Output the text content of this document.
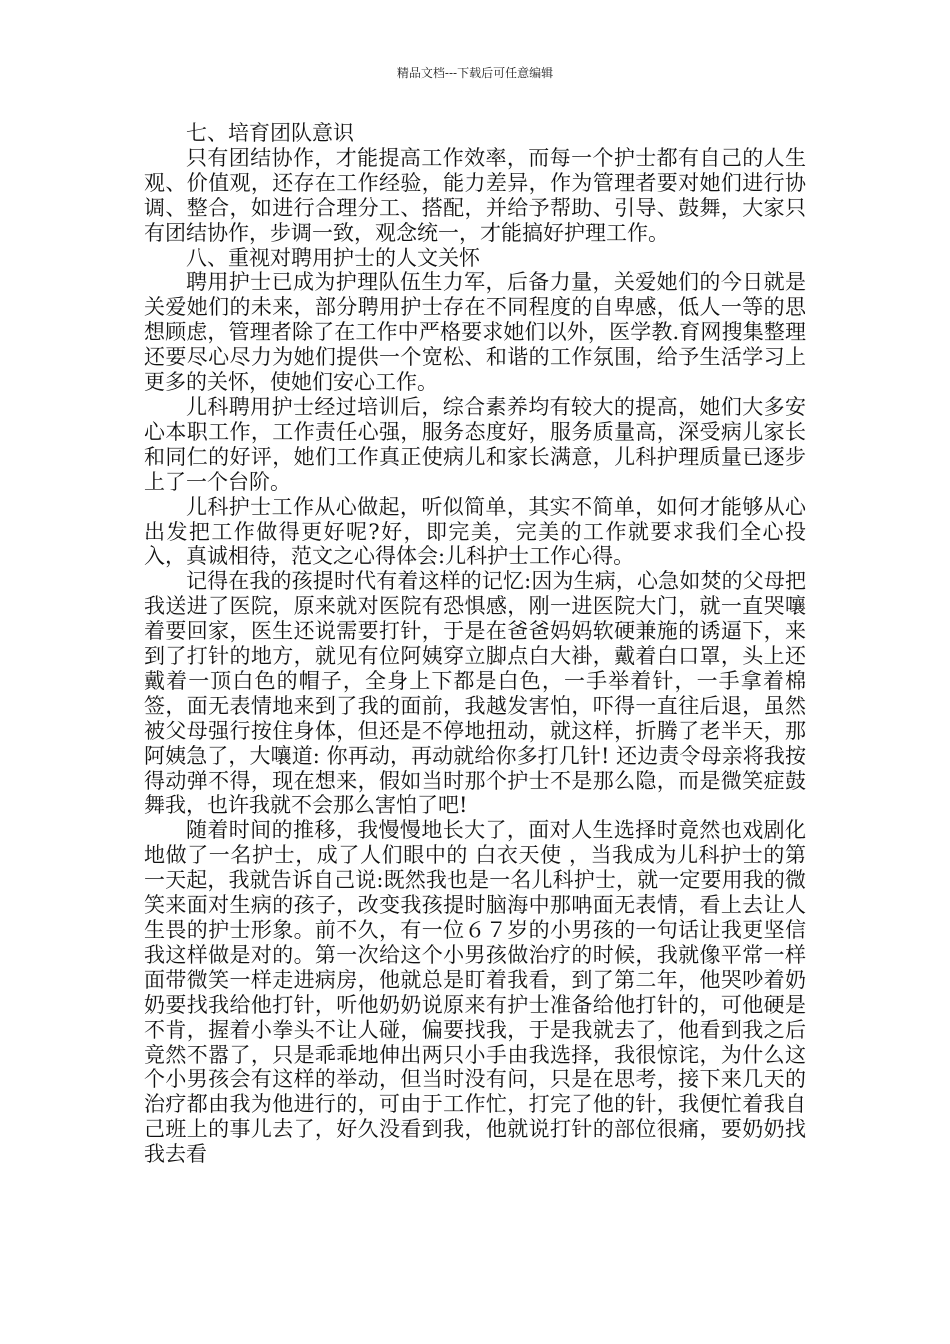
精品文档---下载后可任意编辑

七、培育团队意识

只有团结协作，才能提高工作效率，而每一个护士都有自己的人生观、价值观，还存在工作经验，能力差异，作为管理者要对她们进行协调、整合，如进行合理分工、搭配，并给予帮助、引导、鼓舞，大家只有团结协作，步调一致，观念统一，才能搞好护理工作。

八、重视对聘用护士的人文关怀

聘用护士已成为护理队伍生力军，后备力量，关爱她们的今日就是关爱她们的未来，部分聘用护士存在不同程度的自卑感，低人一等的思想顾虑，管理者除了在工作中严格要求她们以外，医学教.育网搜集整理还要尽心尽力为她们提供一个宽松、和谐的工作氛围，给予生活学习上更多的关怀，使她们安心工作。

儿科聘用护士经过培训后，综合素养均有较大的提高，她们大多安心本职工作，工作责任心强，服务态度好，服务质量高，深受病儿家长和同仁的好评，她们工作真正使病儿和家长满意，儿科护理质量已逐步上了一个台阶。

儿科护士工作从心做起，听似简单，其实不简单，如何才能够从心出发把工作做得更好呢?好，即完美，完美的工作就要求我们全心投入，真诚相待，范文之心得体会:儿科护士工作心得。

记得在我的孩提时代有着这样的记忆:因为生病，心急如焚的父母把我送进了医院，原来就对医院有恐惧感，刚一进医院大门，就一直哭嚷着要回家，医生还说需要打针，于是在爸爸妈妈软硬兼施的诱逼下，来到了打针的地方，就见有位阿姨穿立脚点白大褂，戴着白口罩，头上还戴着一顶白色的帽子，全身上下都是白色，一手举着针，一手拿着棉签，面无表情地来到了我的面前，我越发害怕，吓得一直往后退，虽然被父母强行按住身体，但还是不停地扭动，就这样，折腾了老半天，那阿姨急了，大嚷道: 你再动，再动就给你多打几针! 还边责令母亲将我按得动弹不得，现在想来，假如当时那个护士不是那么隐，而是微笑症鼓舞我，也许我就不会那么害怕了吧!

随着时间的推移，我慢慢地长大了，面对人生选择时竟然也戏剧化地做了一名护士，成了人们眼中的 白衣天使 ，当我成为儿科护士的第一天起，我就告诉自己说:既然我也是一名儿科护士，就一定要用我的微笑来面对生病的孩子，改变我孩提时脑海中那呥面无表情，看上去让人生畏的护士形象。前不久，有一位６７岁的小男孩的一句话让我更坚信我这样做是对的。第一次给这个小男孩做治疗的时候，我就像平常一样面带微笑一样走进病房，他就总是盯着我看，到了第二年，他哭吵着奶奶要找我给他打针，听他奶奶说原来有护士准备给他打针的，可他硬是不肯，握着小拳头不让人碰，偏要找我，于是我就去了，他看到我之后竟然不嚣了，只是乖乖地伸出两只小手由我选择，我很惊诧，为什么这个小男孩会有这样的举动，但当时没有问，只是在思考，接下来几天的治疗都由我为他进行的，可由于工作忙，打完了他的针，我便忙着我自己班上的事儿去了，好久没看到我，他就说打针的部位很痛，要奶奶找我去看
